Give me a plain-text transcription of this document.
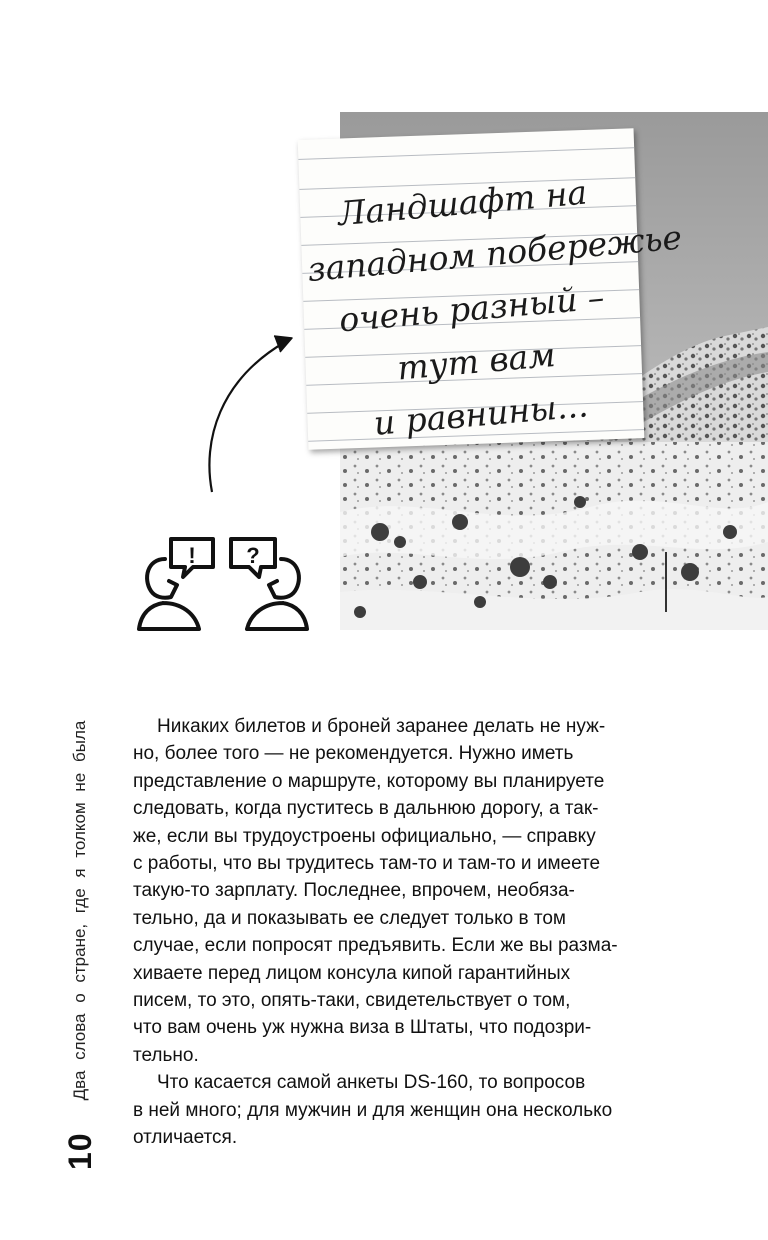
Ландшафт на
западном побережье
очень разный –
тут вам
и равнины...
! ?

Никаких билетов и броней заранее делать не нуж-
но, более того — не рекомендуется. Нужно иметь
представление о маршруте, которому вы планируете
следовать, когда пуститесь в дальнюю дорогу, а так-
же, если вы трудоустроены официально, — справку
с работы, что вы трудитесь там-то и там-то и имеете
такую-то зарплату. Последнее, впрочем, необяза-
тельно, да и показывать ее следует только в том
случае, если попросят предъявить. Если же вы размa-
хиваете перед лицом консула кипой гарантийных
писем, то это, опять-таки, свидетельствует о том,
что вам очень уж нужна виза в Штаты, что подозри-
тельно.

Что касается самой анкеты DS-160, то вопросов
в ней много; для мужчин и для женщин она несколько
отличается.

10
Два слова о стране, где я толком не была
